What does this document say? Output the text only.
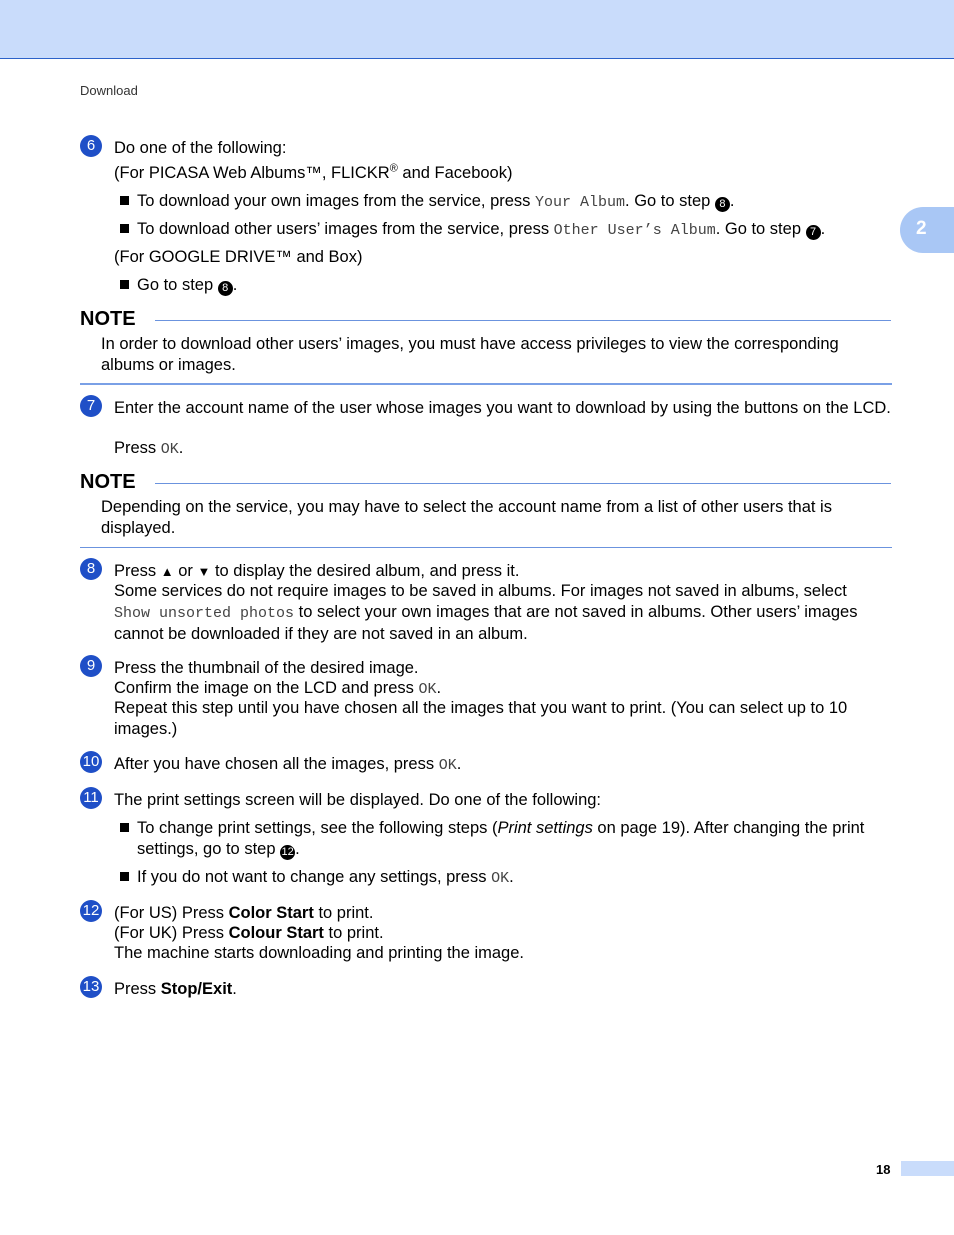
Download
2
6	Do one of the following:
(For PICASA Web Albums™, FLICKR® and Facebook)
To download your own images from the service, press Your Album. Go to step 8 .
To download other users’ images from the service, press Other User’s Album. Go to step 7 .
(For GOOGLE DRIVE™ and Box)
Go to step 8 .
NOTE
In order to download other users’ images, you must have access privileges to view the corresponding albums or images.
7	Enter the account name of the user whose images you want to download by using the buttons on the LCD.
Press OK.
NOTE
Depending on the service, you may have to select the account name from a list of other users that is displayed.
8	Press ▲ or ▼ to display the desired album, and press it.
Some services do not require images to be saved in albums. For images not saved in albums, select
Show unsorted photos to select your own images that are not saved in albums. Other users’ images cannot be downloaded if they are not saved in an album.
9	Press the thumbnail of the desired image.
Confirm the image on the LCD and press OK.
Repeat this step until you have chosen all the images that you want to print. (You can select up to 10 images.)
10 After you have chosen all the images, press OK.
11 The print settings screen will be displayed. Do one of the following:
To change print settings, see the following steps (Print settings on page 19). After changing the print settings, go to step 12.
If you do not want to change any settings, press OK.
12 (For US) Press Color Start to print.
(For UK) Press Colour Start to print.
The machine starts downloading and printing the image.
13 Press Stop/Exit.
18
